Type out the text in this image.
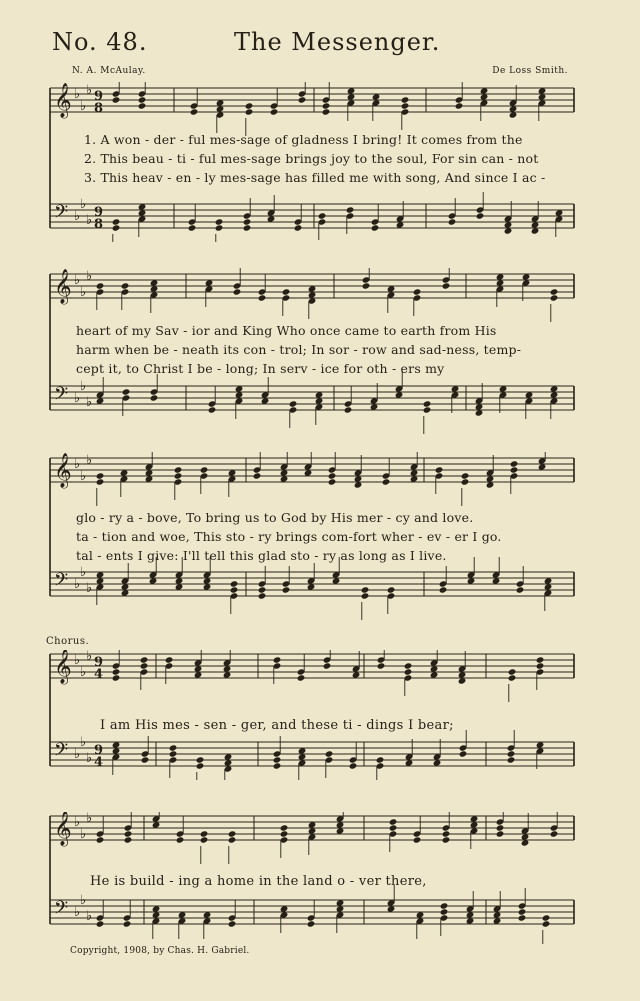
No. 48.	The Messenger.
N. A. McAulay.	De Loss Smith.
𝄞 ♭
♭
♭ 9
8
𝄢 ♭
♭
♭
9
8
1. A won - der - ful mes-sage of gladness I bring! It comes from the
2. This beau - ti - ful mes-sage brings joy to the soul, For sin can - not
3. This heav - en - ly mes-sage has filled me with song, And since I ac -
𝄞 ♭
♭
♭
𝄢 ♭
♭
♭
heart of my Sav - ior and King Who once came to earth from His
harm when be - neath its con - trol; In sor - row and sad-ness, temp-
cept it, to Christ I be - long; In serv - ice for oth - ers my
𝄞 ♭
♭
♭
𝄢 ♭
♭
♭
glo - ry a - bove, To bring us to God by His mer - cy and love.
ta - tion and woe, This sto - ry brings com-fort wher - ev - er I go.
tal - ents I give: I'll tell this glad sto - ry as long as I live.
Chorus.
𝄞 ♭
♭
♭ 9
4
𝄢 ♭
♭
♭
9
4
I am His mes - sen - ger, and these ti - dings I bear;
𝄞 ♭
♭
♭
𝄢 ♭
♭
♭
He is build - ing a home in the land o - ver there,
Copyright, 1908, by Chas. H. Gabriel.
